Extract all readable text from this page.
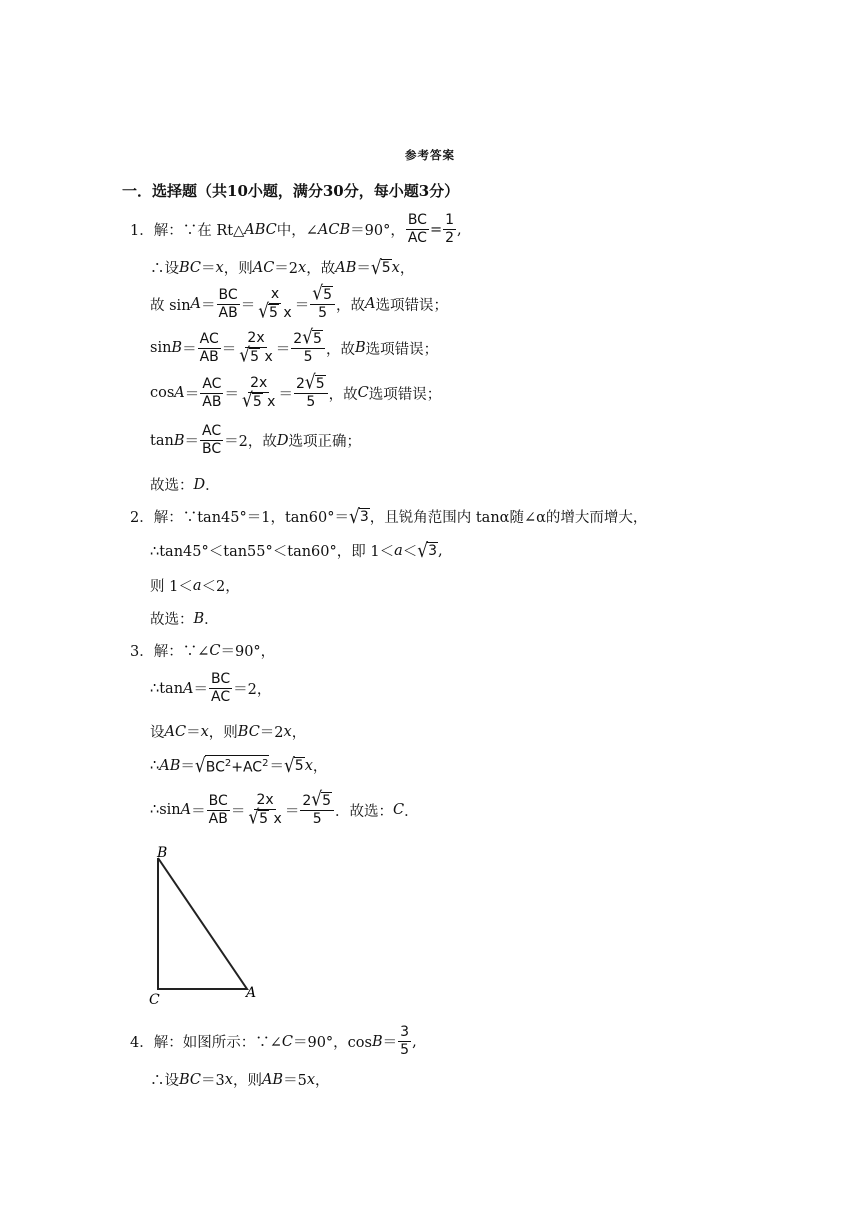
参考答案
一．选择题（共10小题，满分30分，每小题3分）
1．解：∵在 Rt△ ABC 中，∠ ACB ＝90°， $\frac{BC}{AC} = \frac{1}{2}$ ,
∴设 BC ＝ x ，则 AC ＝2 x ，故 AB ＝ √ 5 x ，
故 $\sin A = \frac{BC}{AB} = \frac{x}{√ 5 x} = \frac{√ 5}{5}$ ，故 A 选项错误；
$\sin B = \frac{AC}{AB} = \frac{2x}{√ 5 x} = \frac{2 √ 5}{5}$ ，故 B 选项错误；
$\cos A = \frac{AC}{AB} = \frac{2x}{√ 5 x} = \frac{2 √ 5}{5}$ ，故 C 选项错误；
$\tan B = \frac{AC}{BC} =2$，故 D 选项正确；
故选： D ．
2．解：∵tan45°＝1，tan60°＝ √ 3 ，且锐角范围内 tanα随∠α的增大而增大，
∴tan45°＜tan55°＜tan60°，即 1＜ a ＜ √ 3 ,
则 1＜ a ＜2，
故选： B ．
3．解：∵∠ C ＝90°，
∴tan $A = \frac{BC}{AC} =2$，
设 AC ＝ x ，则 BC ＝2 x ，
∴ AB ＝ √ $BC^2+AC^2$ ＝ √ 5 x ，
∴sin $A = \frac{BC}{AB} = \frac{2x}{√ 5 x} = \frac{2 √ 5}{5}$ ．故选： C ．
B
C	A
4．解：如图所示：∵∠ C ＝90°，$\cos B = \frac{3}{5}$ ,
∴设 BC ＝3 x ，则 AB ＝5 x ，
